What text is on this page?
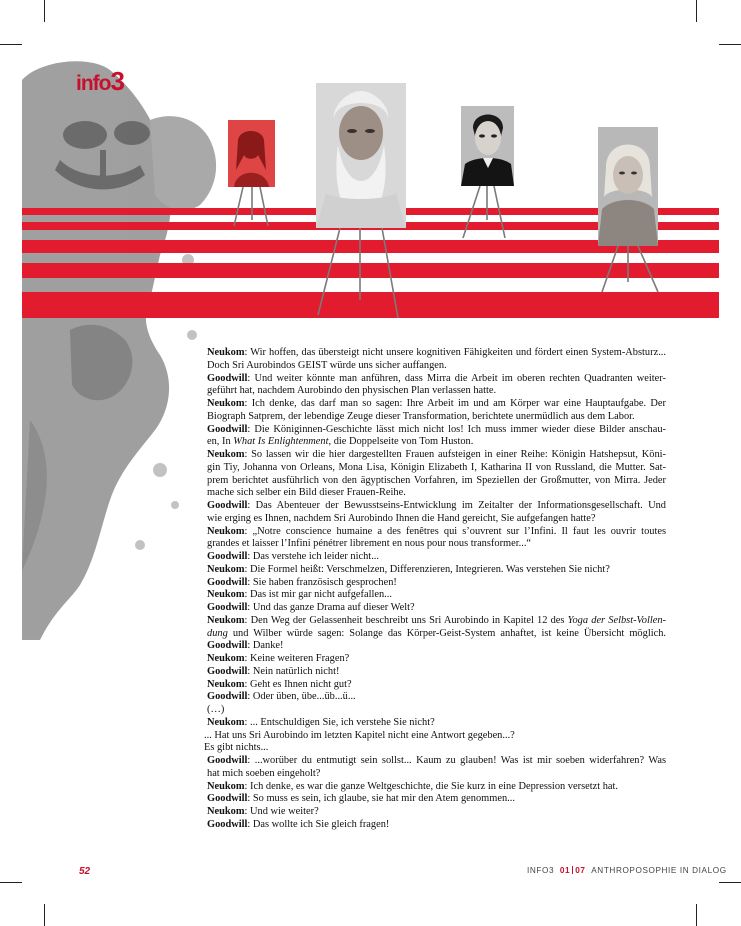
info3
Neukom: Wir hoffen, das übersteigt nicht unsere kognitiven Fähigkeiten und fördert einen System-Absturz...
Doch Sri Aurobindos GEIST würde uns sicher auffangen.
Goodwill: Und weiter könnte man anführen, dass Mirra die Arbeit im oberen rechten Quadranten weiter-
geführt hat, nachdem Aurobindo den physischen Plan verlassen hatte.
Neukom: Ich denke, das darf man so sagen: Ihre Arbeit im und am Körper war eine Hauptaufgabe. Der
Biograph Satprem, der lebendige Zeuge dieser Transformation, berichtete unermüdlich aus dem Labor.
Goodwill: Die Königinnen-Geschichte lässt mich nicht los! Ich muss immer wieder diese Bilder anschau-
en, In What Is Enlightenment, die Doppelseite von Tom Huston.
Neukom: So lassen wir die hier dargestellten Frauen aufsteigen in einer Reihe: Königin Hatshepsut, Köni-
gin Tiy, Johanna von Orleans, Mona Lisa, Königin Elizabeth I, Katharina II von Russland, die Mutter. Sat-
prem berichtet ausführlich von den ägyptischen Vorfahren, im Speziellen der Großmutter, von Mirra. Jeder
mache sich selber ein Bild dieser Frauen-Reihe.
Goodwill: Das Abenteuer der Bewusstseins-Entwicklung im Zeitalter der Informationsgesellschaft. Und
wie erging es Ihnen, nachdem Sri Aurobindo Ihnen die Hand gereicht, Sie aufgefangen hatte?
Neukom: „Notre conscience humaine a des fenêtres qui s’ouvrent sur l’Infini. Il faut les ouvrir toutes
grandes et laisser l’Infini pénétrer librement en nous pour nous transformer...“
Goodwill: Das verstehe ich leider nicht...
Neukom: Die Formel heißt: Verschmelzen, Differenzieren, Integrieren. Was verstehen Sie nicht?
Goodwill: Sie haben französisch gesprochen!
Neukom: Das ist mir gar nicht aufgefallen...
Goodwill: Und das ganze Drama auf dieser Welt?
Neukom: Den Weg der Gelassenheit beschreibt uns Sri Aurobindo in Kapitel 12 des Yoga der Selbst-Vollen-
dung und Wilber würde sagen: Solange das Körper-Geist-System anhaftet, ist keine Übersicht möglich.
Goodwill: Danke!
Neukom: Keine weiteren Fragen?
Goodwill: Nein natürlich nicht!
Neukom: Geht es Ihnen nicht gut?
Goodwill: Oder üben, übe...üb...ü...
(…)
Neukom: ... Entschuldigen Sie, ich verstehe Sie nicht?
... Hat uns Sri Aurobindo im letzten Kapitel nicht eine Antwort gegeben...?
Es gibt nichts...
Goodwill: ...worüber du entmutigt sein sollst... Kaum zu glauben! Was ist mir soeben widerfahren? Was
hat mich soeben eingeholt?
Neukom: Ich denke, es war die ganze Weltgeschichte, die Sie kurz in eine Depression versetzt hat.
Goodwill: So muss es sein, ich glaube, sie hat mir den Atem genommen...
Neukom: Und wie weiter?
Goodwill: Das wollte ich Sie gleich fragen!
52	INFO3 01 07 ANTHROPOSOPHIE IN DIALOG
